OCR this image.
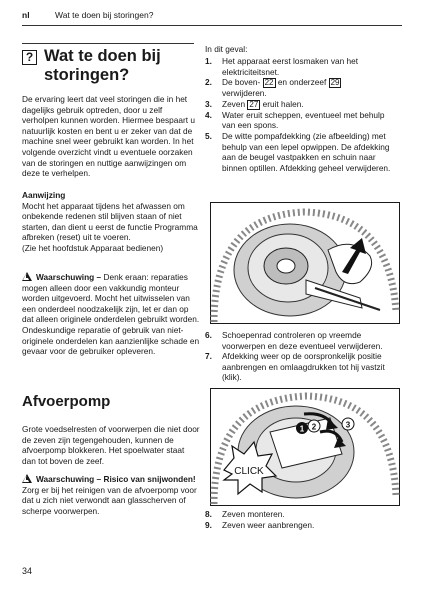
nl	Wat te doen bij storingen?
? Wat te doen bij storingen?

De ervaring leert dat veel storingen die in het dagelijks gebruik optreden, door u zelf verholpen kunnen worden. Hiermee bespaart u natuurlijk kosten en bent u er zeker van dat de machine snel weer gebruikt kan worden. In het volgende overzicht vindt u eventuele oorzaken van de storingen en nuttige aanwijzingen om deze te verhelpen.

Aanwijzing

Mocht het apparaat tijdens het afwassen om onbekende redenen stil blijven staan of niet starten, dan dient u eerst de functie Programma afbreken (reset) uit te voeren.

(Zie het hoofdstuk Apparaat bedienen)

Waarschuwing – Denk eraan: reparaties mogen alleen door een vakkundig monteur worden uitgevoerd. Mocht het uitwisselen van een onderdeel noodzakelijk zijn, let er dan op dat alleen originele onderdelen gebruikt worden. Ondeskundige reparatie of gebruik van niet-originele onderdelen kan aanzienlijke schade en gevaar voor de gebruiker opleveren.

Afvoerpomp

Grote voedselresten of voorwerpen die niet door de zeven zijn tegengehouden, kunnen de afvoerpomp blokkeren. Het spoelwater staat dan tot boven de zeef.

Waarschuwing – Risico van snijwonden!

Zorg er bij het reinigen van de afvoerpomp voor dat u zich niet verwondt aan glasscherven of scherpe voorwerpen.

In dit geval:
1. Het apparaat eerst losmaken van het elektriciteitsnet.
2. De boven- 22 en onderzeef 29
verwijderen.
3. Zeven 27 eruit halen.
4. Water eruit scheppen, eventueel met behulp van een spons.
5. De witte pompafdekking (zie afbeelding) met behulp van een lepel opwippen. De afdekking aan de beugel vastpakken en schuin naar binnen optillen. Afdekking geheel verwijderen.
6. Schoepenrad controleren op vreemde voorwerpen en deze eventueel verwijderen.
7. Afdekking weer op de oorspronkelijk positie aanbrengen en omlaagdrukken tot hij vastzit (klik).
1 2	3
CLICK
8. Zeven monteren.
9. Zeven weer aanbrengen.
34
